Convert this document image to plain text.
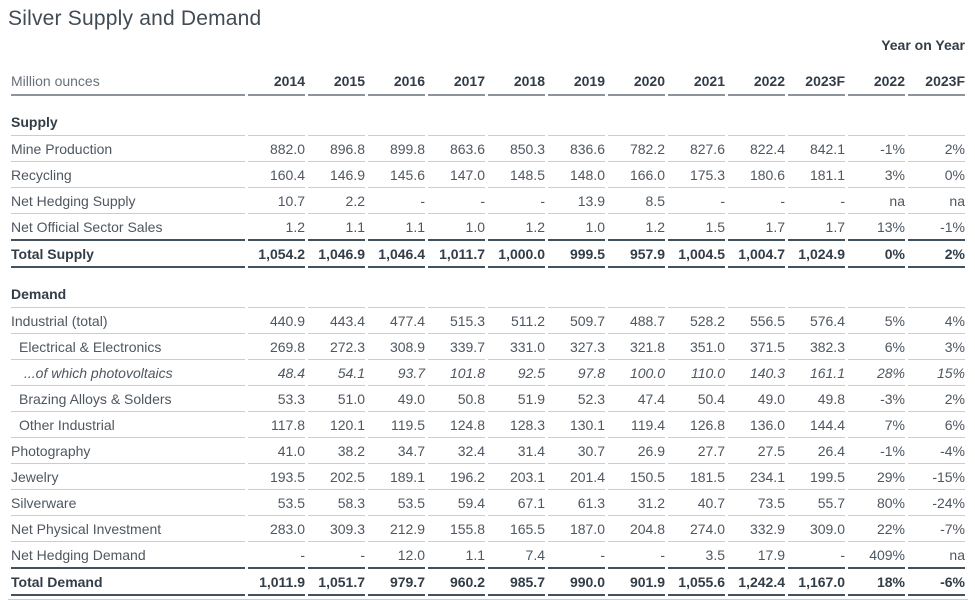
Silver Supply and Demand
											Year on Year	
Million ounces	2014	2015	2016	2017	2018	2019	2020	2021	2022	2023F	2022	2023F
Supply												
Mine Production	882.0	896.8	899.8	863.6	850.3	836.6	782.2	827.6	822.4	842.1	-1%	2%
Recycling	160.4	146.9	145.6	147.0	148.5	148.0	166.0	175.3	180.6	181.1	3%	0%
Net Hedging Supply	10.7	2.2	-	-	-	13.9	8.5	-	-	-	na	na
Net Official Sector Sales	1.2	1.1	1.1	1.0	1.2	1.0	1.2	1.5	1.7	1.7	13%	-1%
Total Supply	1,054.2	1,046.9	1,046.4	1,011.7	1,000.0	999.5	957.9	1,004.5	1,004.7	1,024.9	0%	2%
Demand												
Industrial (total)	440.9	443.4	477.4	515.3	511.2	509.7	488.7	528.2	556.5	576.4	5%	4%
Electrical & Electronics	269.8	272.3	308.9	339.7	331.0	327.3	321.8	351.0	371.5	382.3	6%	3%
...of which photovoltaics	48.4	54.1	93.7	101.8	92.5	97.8	100.0	110.0	140.3	161.1	28%	15%
Brazing Alloys & Solders	53.3	51.0	49.0	50.8	51.9	52.3	47.4	50.4	49.0	49.8	-3%	2%
Other Industrial	117.8	120.1	119.5	124.8	128.3	130.1	119.4	126.8	136.0	144.4	7%	6%
Photography	41.0	38.2	34.7	32.4	31.4	30.7	26.9	27.7	27.5	26.4	-1%	-4%
Jewelry	193.5	202.5	189.1	196.2	203.1	201.4	150.5	181.5	234.1	199.5	29%	-15%
Silverware	53.5	58.3	53.5	59.4	67.1	61.3	31.2	40.7	73.5	55.7	80%	-24%
Net Physical Investment	283.0	309.3	212.9	155.8	165.5	187.0	204.8	274.0	332.9	309.0	22%	-7%
Net Hedging Demand	-	-	12.0	1.1	7.4	-	-	3.5	17.9	-	409%	na
Total Demand	1,011.9	1,051.7	979.7	960.2	985.7	990.0	901.9	1,055.6	1,242.4	1,167.0	18%	-6%
